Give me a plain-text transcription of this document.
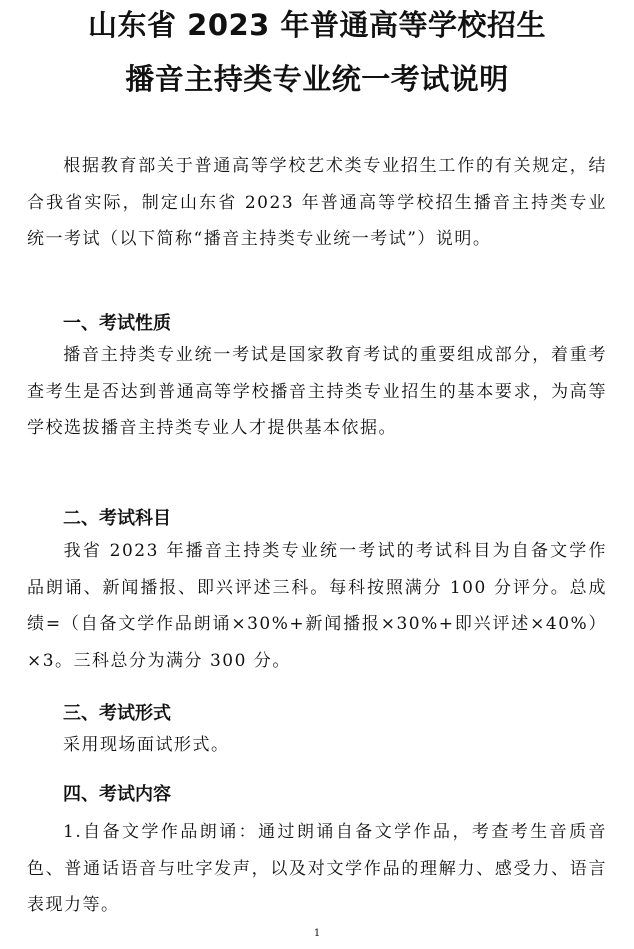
山东省 2023 年普通高等学校招生
播音主持类专业统一考试说明

根据教育部关于普通高等学校艺术类专业招生工作的有关规定，结合我省实际，制定山东省 2023 年普通高等学校招生播音主持类专业统一考试（以下简称“播音主持类专业统一考试”）说明。

一、考试性质

播音主持类专业统一考试是国家教育考试的重要组成部分，着重考查考生是否达到普通高等学校播音主持类专业招生的基本要求，为高等学校选拔播音主持类专业人才提供基本依据。

二、考试科目

我省 2023 年播音主持类专业统一考试的考试科目为自备文学作品朗诵、新闻播报、即兴评述三科。每科按照满分 100 分评分。总成绩=（自备文学作品朗诵×30%+新闻播报×30%+即兴评述×40%）×3。三科总分为满分 300 分。

三、考试形式

采用现场面试形式。

四、考试内容

1.自备文学作品朗诵：通过朗诵自备文学作品，考查考生音质音色、普通话语音与吐字发声，以及对文学作品的理解力、感受力、语言表现力等。

1
